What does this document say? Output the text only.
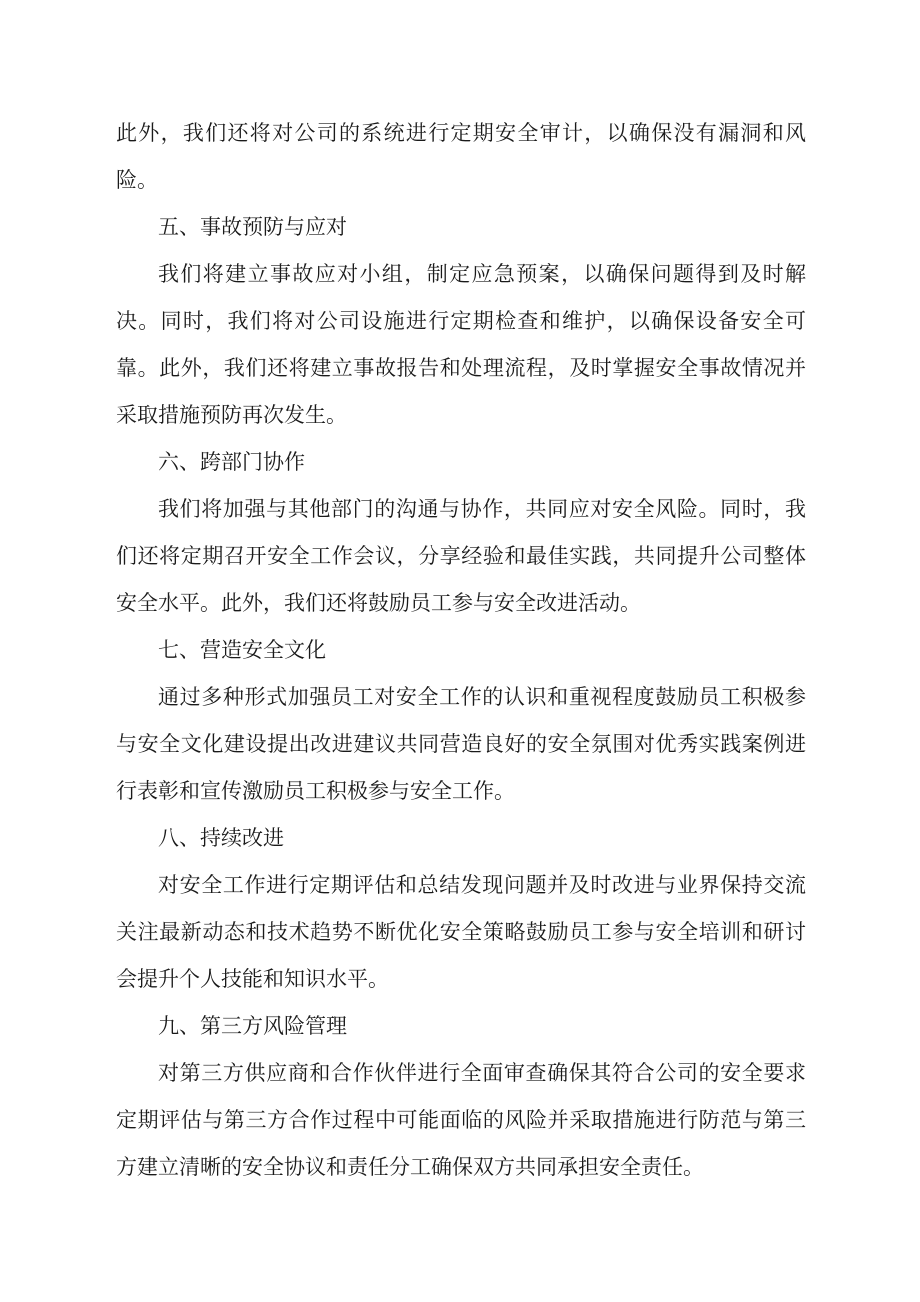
此外，我们还将对公司的系统进行定期安全审计，以确保没有漏洞和风险。

五、事故预防与应对

我们将建立事故应对小组，制定应急预案，以确保问题得到及时解决。同时，我们将对公司设施进行定期检查和维护，以确保设备安全可靠。此外，我们还将建立事故报告和处理流程，及时掌握安全事故情况并采取措施预防再次发生。

六、跨部门协作

我们将加强与其他部门的沟通与协作，共同应对安全风险。同时，我们还将定期召开安全工作会议，分享经验和最佳实践，共同提升公司整体安全水平。此外，我们还将鼓励员工参与安全改进活动。

七、营造安全文化

通过多种形式加强员工对安全工作的认识和重视程度鼓励员工积极参与安全文化建设提出改进建议共同营造良好的安全氛围对优秀实践案例进行表彰和宣传激励员工积极参与安全工作。

八、持续改进

对安全工作进行定期评估和总结发现问题并及时改进与业界保持交流关注最新动态和技术趋势不断优化安全策略鼓励员工参与安全培训和研讨会提升个人技能和知识水平。

九、第三方风险管理

对第三方供应商和合作伙伴进行全面审查确保其符合公司的安全要求定期评估与第三方合作过程中可能面临的风险并采取措施进行防范与第三方建立清晰的安全协议和责任分工确保双方共同承担安全责任。
